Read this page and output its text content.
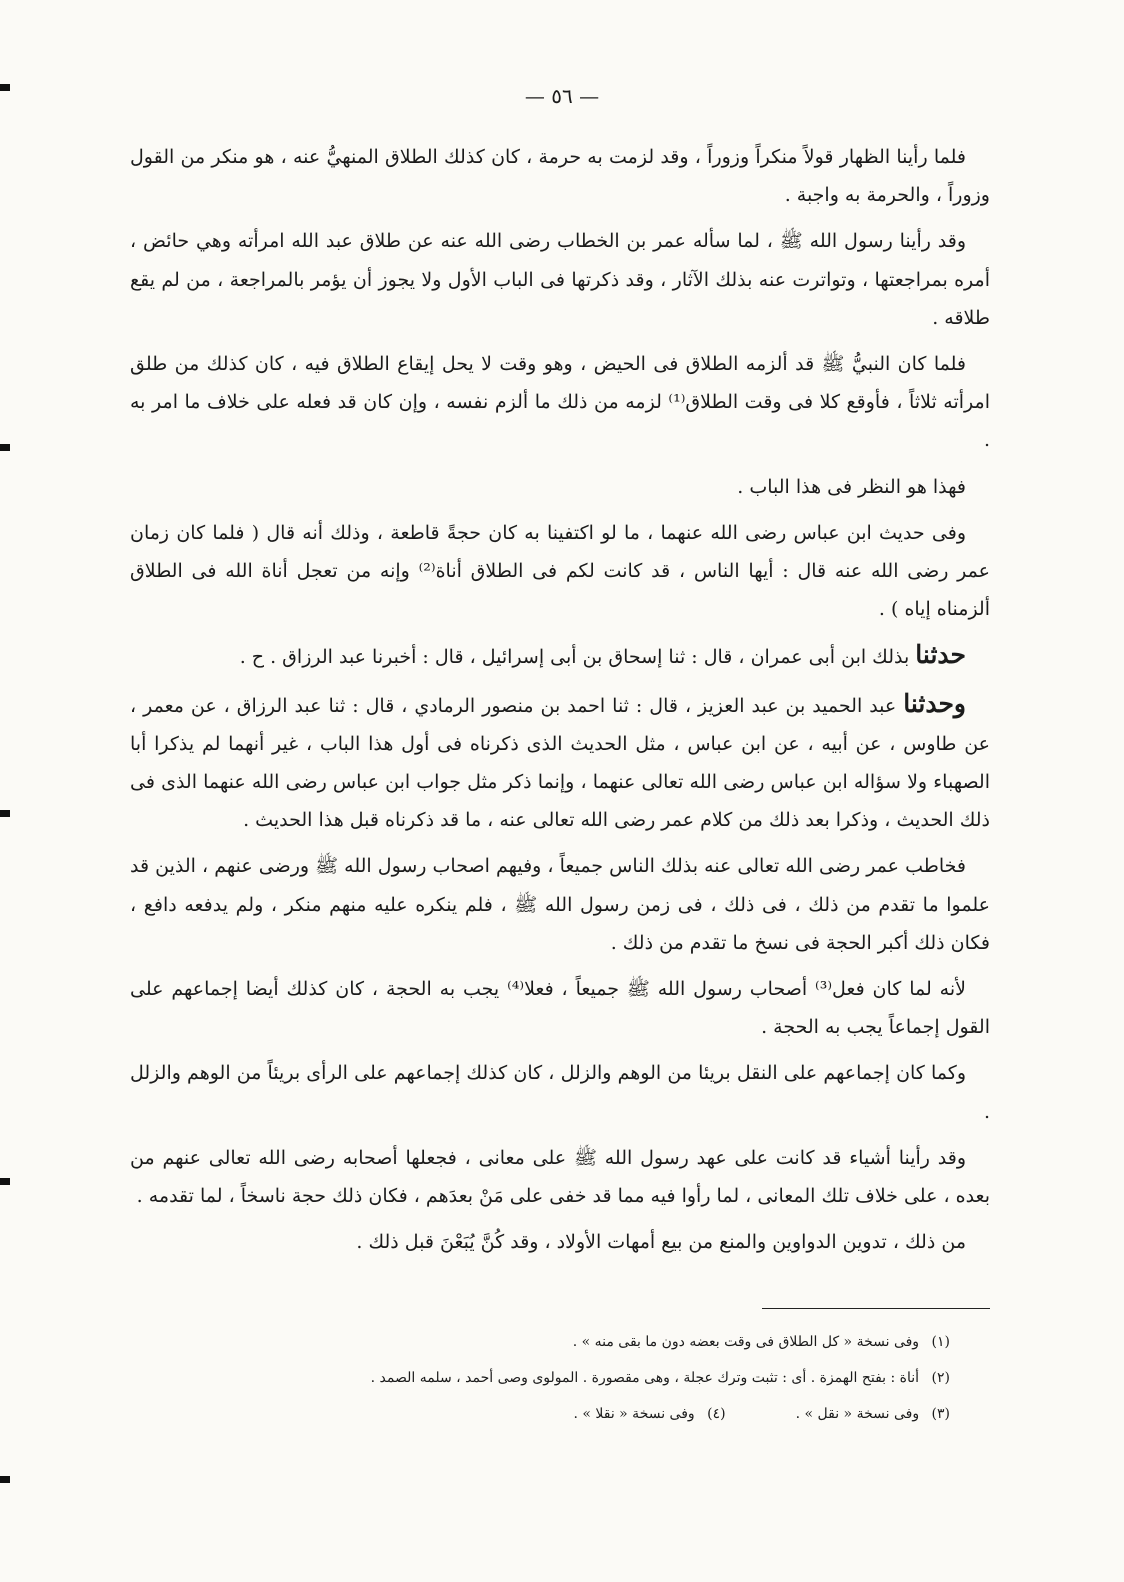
— ٥٦ —

فلما رأينا الظهار قولاً منكراً وزوراً ، وقد لزمت به حرمة ، كان كذلك الطلاق المنهيُّ عنه ، هو منكر من القول وزوراً ، والحرمة به واجبة .

وقد رأينا رسول الله ﷺ ، لما سأله عمر بن الخطاب رضى الله عنه عن طلاق عبد الله امرأته وهي حائض ، أمره بمراجعتها ، وتواترت عنه بذلك الآثار ، وقد ذكرتها فى الباب الأول ولا يجوز أن يؤمر بالمراجعة ، من لم يقع طلاقه .

فلما كان النبيُّ ﷺ قد ألزمه الطلاق فى الحيض ، وهو وقت لا يحل إيقاع الطلاق فيه ، كان كذلك من طلق امرأته ثلاثاً ، فأوقع كلا فى وقت الطلاق⁽¹⁾ لزمه من ذلك ما ألزم نفسه ، وإن كان قد فعله على خلاف ما امر به .

فهذا هو النظر فى هذا الباب .

وفى حديث ابن عباس رضى الله عنهما ، ما لو اكتفينا به كان حجةً قاطعة ، وذلك أنه قال ( فلما كان زمان عمر رضى الله عنه قال : أيها الناس ، قد كانت لكم فى الطلاق أناة⁽²⁾ وإنه من تعجل أناة الله فى الطلاق ألزمناه إياه ) .

حدثنا بذلك ابن أبى عمران ، قال : ثنا إسحاق بن أبى إسرائيل ، قال : أخبرنا عبد الرزاق . ح .

وحدثنا عبد الحميد بن عبد العزيز ، قال : ثنا احمد بن منصور الرمادي ، قال : ثنا عبد الرزاق ، عن معمر ، عن طاوس ، عن أبيه ، عن ابن عباس ، مثل الحديث الذى ذكرناه فى أول هذا الباب ، غير أنهما لم يذكرا أبا الصهباء ولا سؤاله ابن عباس رضى الله تعالى عنهما ، وإنما ذكر مثل جواب ابن عباس رضى الله عنهما الذى فى ذلك الحديث ، وذكرا بعد ذلك من كلام عمر رضى الله تعالى عنه ، ما قد ذكرناه قبل هذا الحديث .

فخاطب عمر رضى الله تعالى عنه بذلك الناس جميعاً ، وفيهم اصحاب رسول الله ﷺ ورضى عنهم ، الذين قد علموا ما تقدم من ذلك ، فى ذلك ، فى زمن رسول الله ﷺ ، فلم ينكره عليه منهم منكر ، ولم يدفعه دافع ، فكان ذلك أكبر الحجة فى نسخ ما تقدم من ذلك .

لأنه لما كان فعل⁽³⁾ أصحاب رسول الله ﷺ جميعاً ، فعلا⁽⁴⁾ يجب به الحجة ، كان كذلك أيضا إجماعهم على القول إجماعاً يجب به الحجة .

وكما كان إجماعهم على النقل بريئا من الوهم والزلل ، كان كذلك إجماعهم على الرأى بريئاً من الوهم والزلل .

وقد رأينا أشياء قد كانت على عهد رسول الله ﷺ على معانى ، فجعلها أصحابه رضى الله تعالى عنهم من بعده ، على خلاف تلك المعانى ، لما رأوا فيه مما قد خفى على مَنْ بعدَهم ، فكان ذلك حجة ناسخاً ، لما تقدمه .

من ذلك ، تدوين الدواوين والمنع من بيع أمهات الأولاد ، وقد كُنَّ يُبَعْنَ قبل ذلك .

(١) وفى نسخة « كل الطلاق فى وقت بعضه دون ما بقى منه » .
(٢) أناة : بفتح الهمزة . أى : تثبت وترك عجلة ، وهى مقصورة . المولوى وصى أحمد ، سلمه الصمد .
(٣) وفى نسخة « نقل » .
(٤) وفى نسخة « نقلا » .
